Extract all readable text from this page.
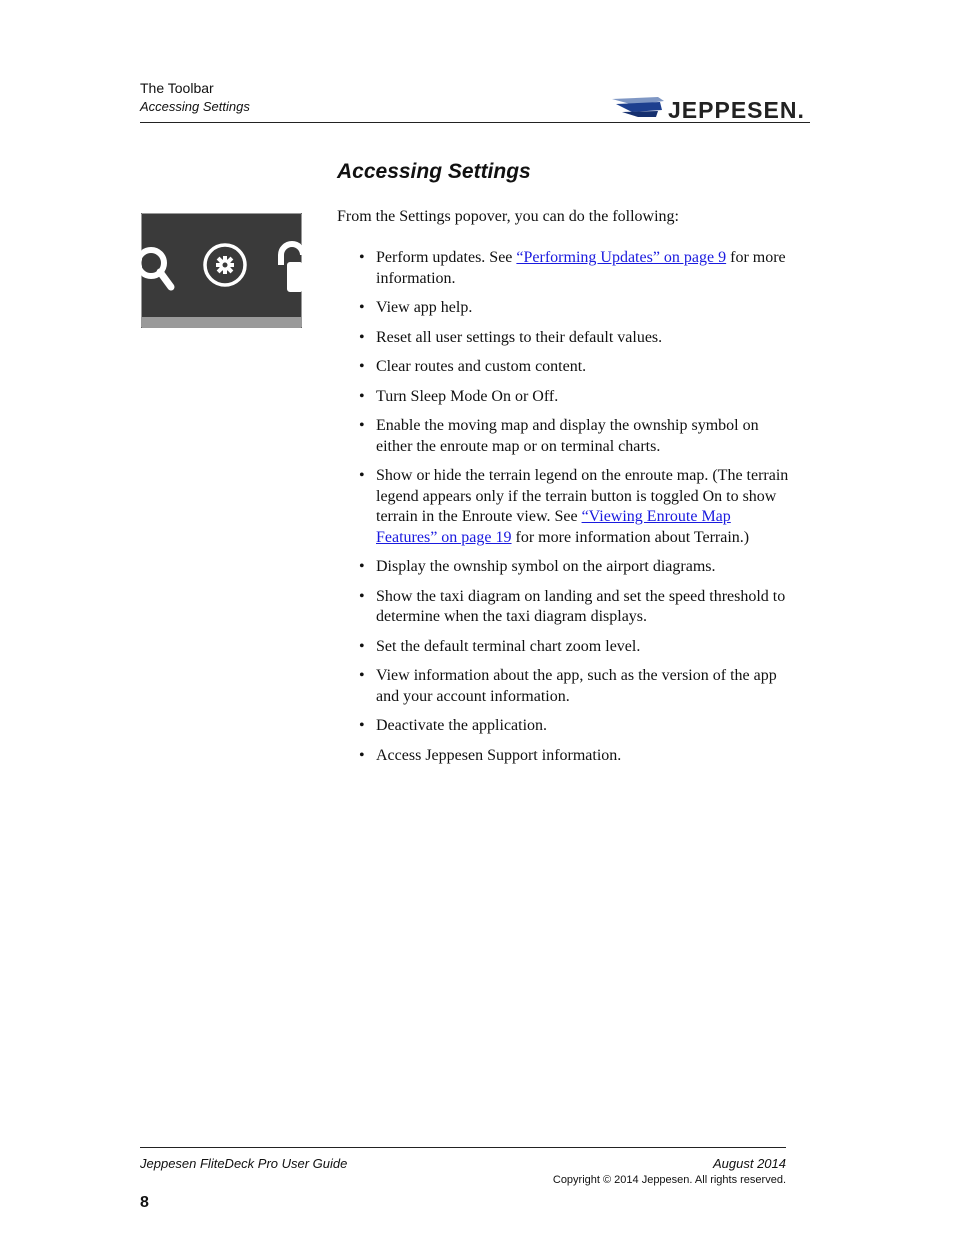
The Toolbar
Accessing Settings	JEPPESEN.
Accessing Settings

From the Settings popover, you can do the following:

• Perform updates. See “Performing Updates” on page 9 for more information.
• View app help.
• Reset all user settings to their default values.
• Clear routes and custom content.
• Turn Sleep Mode On or Off.
• Enable the moving map and display the ownship symbol on either the enroute map or on terminal charts.
• Show or hide the terrain legend on the enroute map. (The terrain legend appears only if the terrain button is toggled On to show terrain in the Enroute view. See “Viewing Enroute Map Features” on page 19 for more information about Terrain.)
• Display the ownship symbol on the airport diagrams.
• Show the taxi diagram on landing and set the speed threshold to determine when the taxi diagram displays.
• Set the default terminal chart zoom level.
• View information about the app, such as the version of the app and your account information.
• Deactivate the application.
• Access Jeppesen Support information.
Jeppesen FliteDeck Pro User Guide	August 2014
Copyright © 2014 Jeppesen. All rights reserved.
8
